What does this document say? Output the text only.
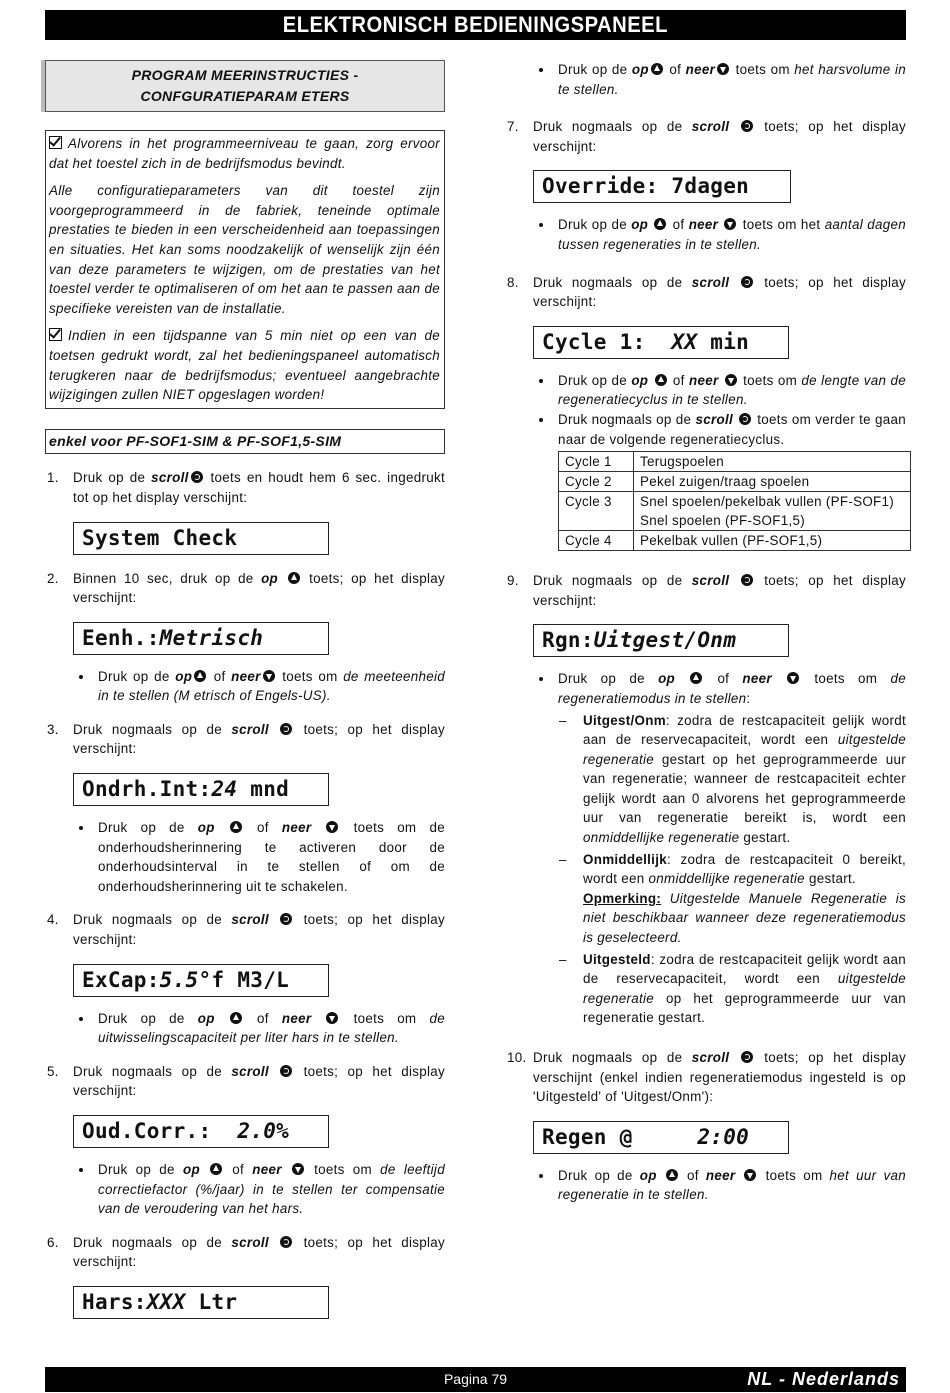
ELEKTRONISCH BEDIENINGSPANEEL
PROGRAM MEERINSTRUCTIES -
CONFGURATIEPARAM ETERS

Alvorens in het programmeerniveau te gaan, zorg ervoor dat het toestel zich in de bedrijfsmodus bevindt.

Alle configuratieparameters van dit toestel zijn voorgeprogrammeerd in de fabriek, teneinde optimale prestaties te bieden in een verscheidenheid aan toepassingen en situaties. Het kan soms noodzakelijk of wenselijk zijn één van deze parameters te wijzigen, om de prestaties van het toestel verder te optimaliseren of om het aan te passen aan de specifieke vereisten van de installatie.

Indien in een tijdspanne van 5 min niet op een van de toetsen gedrukt wordt, zal het bedieningspaneel automatisch terugkeren naar de bedrijfsmodus; eventueel aangebrachte wijzigingen zullen NIET opgeslagen worden!

enkel voor PF-SOF1-SIM & PF-SOF1,5-SIM
1. Druk op de scroll toets en houdt hem 6 sec. ingedrukt tot op het display verschijnt:
System Check
2. Binnen 10 sec, druk op de op toets; op het display verschijnt:
Eenh.:Metrisch
Druk op de op of neer toets om de meeteenheid in te stellen (M etrisch of Engels-US).
3. Druk nogmaals op de scroll	toets; op het display verschijnt:
Ondrh.Int:24 mnd
Druk op de op	of neer	toets om de onderhoudsherinnering te activeren door de onderhoudsinterval in te stellen of om de onderhoudsherinnering uit te schakelen.
4. Druk nogmaals op de scroll	toets; op het display verschijnt:
ExCap:5.5°f M3/L
Druk op de op	of neer	toets om de uitwisselingscapaciteit per liter hars in te stellen.
5. Druk nogmaals op de scroll	toets; op het display verschijnt:
Oud.Corr.:  2.0%
Druk op de op of neer toets om de leeftijd correctiefactor (%/jaar) in te stellen ter compensatie van de veroudering van het hars.
6. Druk nogmaals op de scroll	toets; op het display verschijnt:
Hars:XXX Ltr
Druk op de op of neer toets om het harsvolume in te stellen.
7. Druk nogmaals op de scroll	toets; op het display verschijnt:
Override: 7dagen
Druk op de op of neer toets om het aantal dagen tussen regeneraties in te stellen.
8. Druk nogmaals op de scroll	toets; op het display verschijnt:
Cycle 1:  XX min
Druk op de op of neer toets om de lengte van de regeneratiecyclus in te stellen.
Druk nogmaals op de scroll toets om verder te gaan naar de volgende regeneratiecyclus.
Cycle 1	Terugspoelen
Cycle 2	Pekel zuigen/traag spoelen
Cycle 3	Snel spoelen/pekelbak vullen (PF-SOF1)
Snel spoelen (PF-SOF1,5)

Cycle 4	Pekelbak vullen (PF-SOF1,5)
9. Druk nogmaals op de scroll	toets; op het display verschijnt:
Rgn:Uitgest/Onm
Druk op de op	of neer	toets om de regeneratiemodus in te stellen:
– Uitgest/Onm: zodra de restcapaciteit gelijk wordt aan de reservecapaciteit, wordt een uitgestelde regeneratie gestart op het geprogrammeerde uur van regeneratie; wanneer de restcapaciteit echter gelijk wordt aan 0 alvorens het geprogrammeerde uur van regeneratie bereikt is, wordt een onmiddellijke regeneratie gestart.
– Onmiddellijk: zodra de restcapaciteit 0 bereikt, wordt een onmiddellijke regeneratie gestart.
Opmerking: Uitgestelde Manuele Regeneratie is niet beschikbaar wanneer deze regeneratiemodus is geselecteerd.
– Uitgesteld: zodra de restcapaciteit gelijk wordt aan de reservecapaciteit, wordt een uitgestelde regeneratie op het geprogrammeerde uur van regeneratie gestart.
10. Druk nogmaals op de scroll	toets; op het display verschijnt (enkel indien regeneratiemodus ingesteld is op 'Uitgesteld' of 'Uitgest/Onm'):
Regen @     2:00
Druk op de op of neer toets om het uur van regeneratie in te stellen.
Pagina 79	NL - Nederlands
